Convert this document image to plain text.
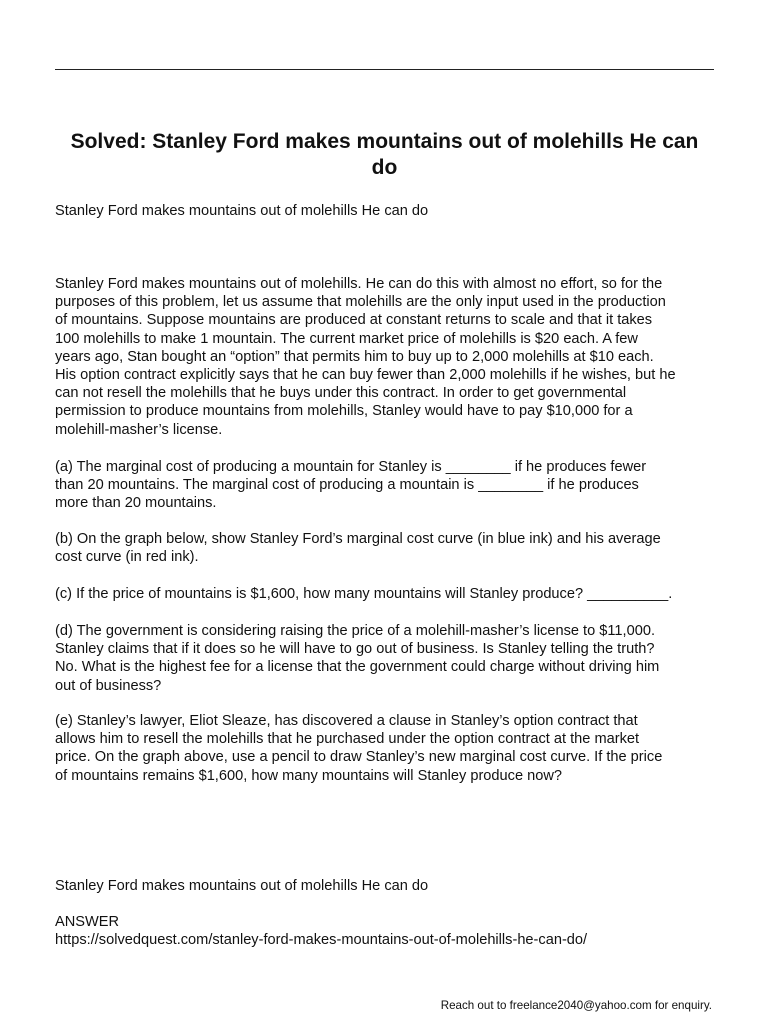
Solved: Stanley Ford makes mountains out of molehills He can do

Stanley Ford makes mountains out of molehills He can do

Stanley Ford makes mountains out of molehills. He can do this with almost no effort, so for the
purposes of this problem, let us assume that molehills are the only input used in the production
of mountains. Suppose mountains are produced at constant returns to scale and that it takes
100 molehills to make 1 mountain. The current market price of molehills is $20 each. A few
years ago, Stan bought an “option” that permits him to buy up to 2,000 molehills at $10 each.
His option contract explicitly says that he can buy fewer than 2,000 molehills if he wishes, but he
can not resell the molehills that he buys under this contract. In order to get governmental
permission to produce mountains from molehills, Stanley would have to pay $10,000 for a
molehill-masher’s license.

(a) The marginal cost of producing a mountain for Stanley is ________ if he produces fewer
than 20 mountains. The marginal cost of producing a mountain is ________ if he produces
more than 20 mountains.

(b) On the graph below, show Stanley Ford’s marginal cost curve (in blue ink) and his average
cost curve (in red ink).

(c) If the price of mountains is $1,600, how many mountains will Stanley produce? __________.

(d) The government is considering raising the price of a molehill-masher’s license to $11,000.
Stanley claims that if it does so he will have to go out of business. Is Stanley telling the truth?
No. What is the highest fee for a license that the government could charge without driving him
out of business?

(e) Stanley’s lawyer, Eliot Sleaze, has discovered a clause in Stanley’s option contract that
allows him to resell the molehills that he purchased under the option contract at the market
price. On the graph above, use a pencil to draw Stanley’s new marginal cost curve. If the price
of mountains remains $1,600, how many mountains will Stanley produce now?

Stanley Ford makes mountains out of molehills He can do

ANSWER

https://solvedquest.com/stanley-ford-makes-mountains-out-of-molehills-he-can-do/

Reach out to freelance2040@yahoo.com for enquiry.
